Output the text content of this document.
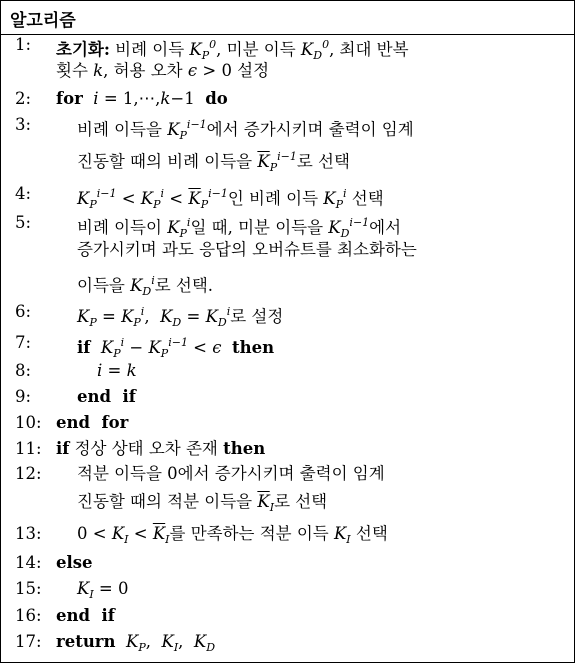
알고리즘
1:	초기화: 비례 이득 $K_P^0$, 미분 이득 $K_D^0$, 최대 반복
횟수 k, 허용 오차 ϵ > 0 설정
2:	for i = 1,⋯,k−1  do
3:	비례 이득을 $K_P^{i-1}$에서 증가시키며 출력이 임계
진동할 때의 비례 이득을 $\overline{K}_P^{i-1}$로 선택
4:	$K_P^{i-1} < K_P^i < \overline{K}_P^{i-1}$인 비례 이득 $K_P^i$ 선택
5:	비례 이득이 $K_P^i$일 때, 미분 이득을 $K_D^{i-1}$에서
증가시키며 과도 응답의 오버슈트를 최소화하는
이득을 $K_D^i$로 선택.
6:	$K_P = K_P^i$,  $K_D = K_D^i$로 설정
7:	if $K_P^i - K_P^{i-1} < \epsilon$ then
8:	i = k
9:	end  if
10: end  for
11: if 정상 상태 오차 존재 then
12:	적분 이득을 0에서 증가시키며 출력이 임계
진동할 때의 적분 이득을 $\overline{K}_I$로 선택
13:	$0 < K_I < \overline{K}_I$를 만족하는 적분 이득 $K_I$ 선택
14: else
15:	$K_I = 0$
16: end  if
17: return $K_P$,  $K_I$,  $K_D$
